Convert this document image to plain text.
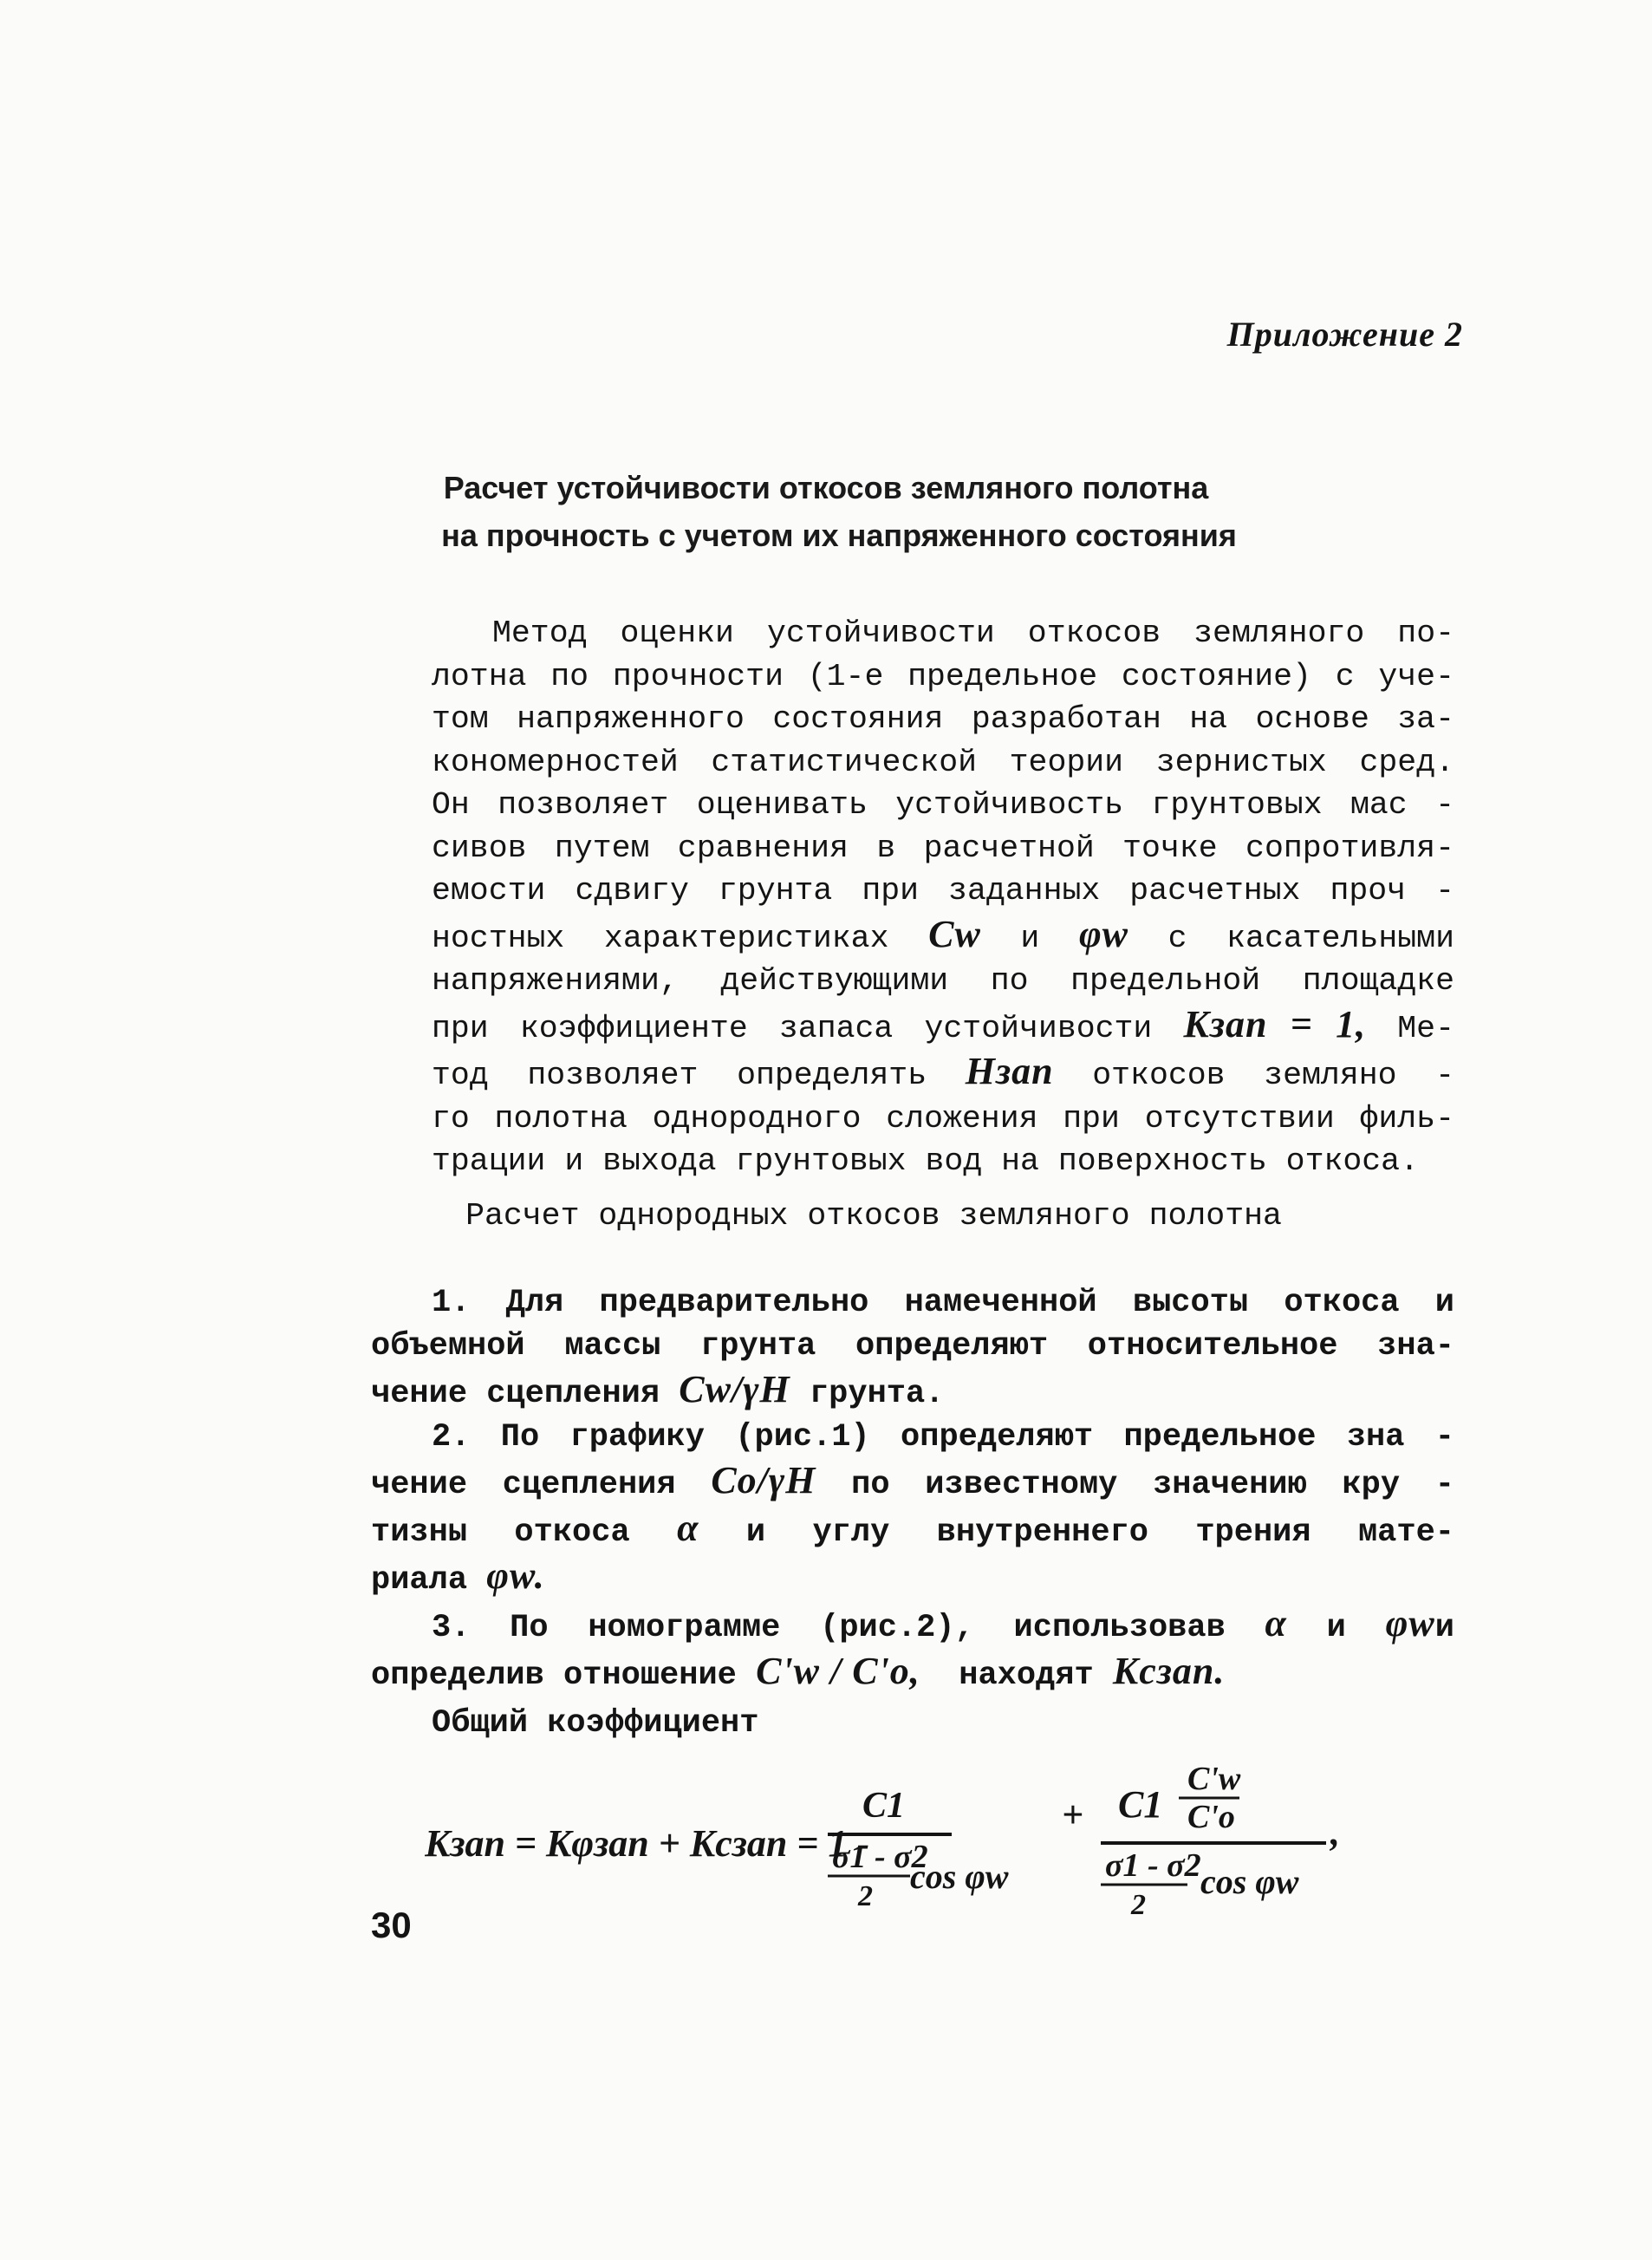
Приложение 2
Расчет устойчивости откосов земляного полотна
на прочность с учетом их напряженного состояния
Метод оценки устойчивости откосов земляного по-
лотна по прочности (1-е предельное состояние) с уче-
том напряженного состояния разработан на основе за-
кономерностей статистической теории зернистых сред.
Он позволяет оценивать устойчивость грунтовых мас -
сивов путем сравнения в расчетной точке сопротивля-
емости сдвигу грунта при заданных расчетных проч -
ностных характеристиках Cw и φw с касательными
напряжениями, действующими по предельной площадке
при коэффициенте запаса устойчивости Kзап = 1, Ме-
тод позволяет определять Hзап откосов земляно -
го полотна однородного сложения при отсутствии филь-
трации и выхода грунтовых вод на поверхность откоса.
Расчет однородных откосов земляного полотна
1. Для предварительно намеченной высоты откоса и
объемной массы грунта определяют относительное зна-
чение сцепления Cw/γH грунта.
2. По графику (рис.1) определяют предельное зна -
чение сцепления Co/γH по известному значению кру -
тизны откоса α и углу внутреннего трения мате-
риала φw.
3. По номограмме (рис.2), использовав α и φwи
определив отношение C'w / C'o, находят Kcзап.
Общий коэффициент
Kзап = Kφзап + Kcзап = 1 -
C1
σ1 - σ2
2
cos φw
+ C1
C'w
C'o
σ1 - σ2
2
cos φw
,
30
